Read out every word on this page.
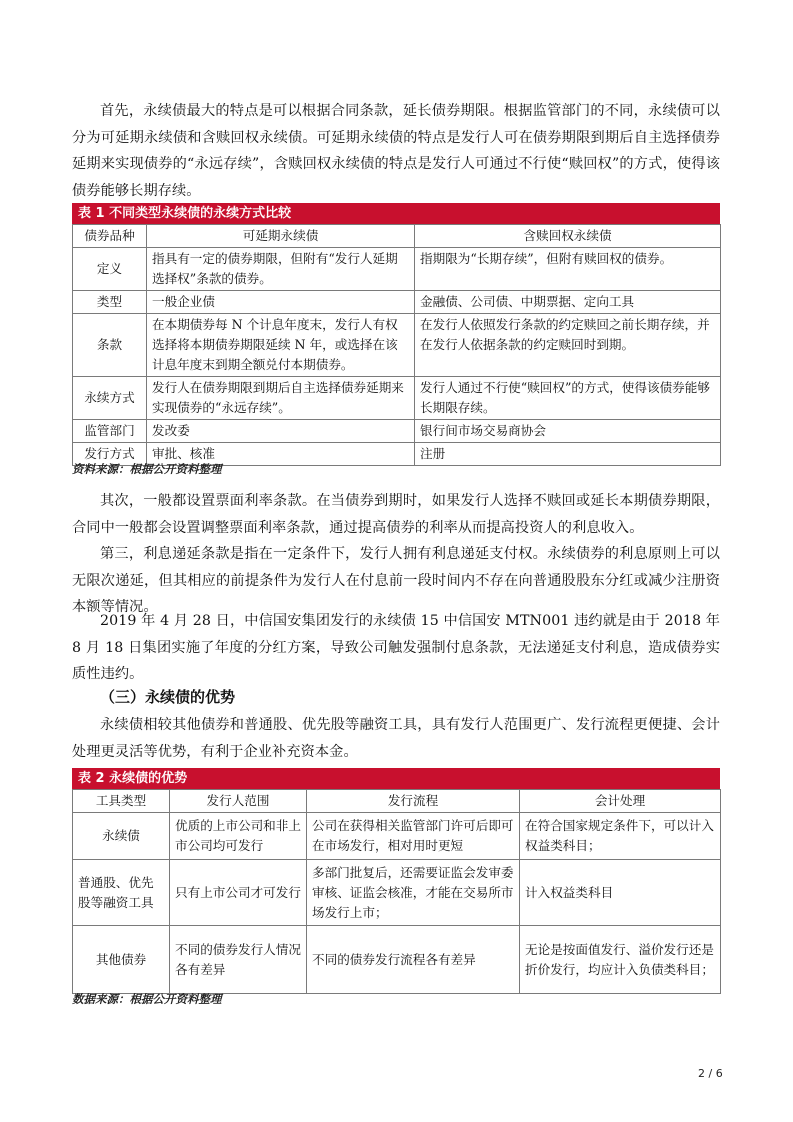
首先，永续债最大的特点是可以根据合同条款，延长债券期限。根据监管部门的不同，永续债可以分为可延期永续债和含赎回权永续债。可延期永续债的特点是发行人可在债券期限到期后自主选择债券延期来实现债券的“永远存续”，含赎回权永续债的特点是发行人可通过不行使“赎回权”的方式，使得该债券能够长期存续。

表 1 不同类型永续债的永续方式比较
债券品种	可延期永续债	含赎回权永续债
定义	指具有一定的债券期限，但附有“发行人延期选择权”条款的债券。	指期限为“长期存续”，但附有赎回权的债券。
类型	一般企业债	金融债、公司债、中期票据、定向工具
条款	在本期债券每 N 个计息年度末，发行人有权选择将本期债券期限延续 N 年，或选择在该计息年度末到期全额兑付本期债券。	在发行人依照发行条款的约定赎回之前长期存续，并在发行人依据条款的约定赎回时到期。
永续方式	发行人在债券期限到期后自主选择债券延期来实现债券的“永远存续”。	发行人通过不行使“赎回权”的方式，使得该债券能够长期限存续。
监管部门	发改委	银行间市场交易商协会
发行方式	审批、核准	注册
资料来源：根据公开资料整理

其次，一般都设置票面利率条款。在当债券到期时，如果发行人选择不赎回或延长本期债券期限，合同中一般都会设置调整票面利率条款，通过提高债券的利率从而提高投资人的利息收入。

第三，利息递延条款是指在一定条件下，发行人拥有利息递延支付权。永续债券的利息原则上可以无限次递延，但其相应的前提条件为发行人在付息前一段时间内不存在向普通股股东分红或减少注册资本额等情况。

2019 年 4 月 28 日，中信国安集团发行的永续债 15 中信国安 MTN001 违约就是由于 2018 年 8 月 18 日集团实施了年度的分红方案，导致公司触发强制付息条款，无法递延支付利息，造成债券实质性违约。

（三）永续债的优势

永续债相较其他债券和普通股、优先股等融资工具，具有发行人范围更广、发行流程更便捷、会计处理更灵活等优势，有利于企业补充资本金。

表 2 永续债的优势
工具类型	发行人范围	发行流程	会计处理
永续债	优质的上市公司和非上市公司均可发行	公司在获得相关监管部门许可后即可在市场发行，相对用时更短	在符合国家规定条件下，可以计入权益类科目；
普通股、优先股等融资工具	只有上市公司才可发行	多部门批复后，还需要证监会发审委审核、证监会核准，才能在交易所市场发行上市；	计入权益类科目
其他债券	不同的债券发行人情况各有差异	不同的债券发行流程各有差异	无论是按面值发行、溢价发行还是折价发行，均应计入负债类科目；
数据来源：根据公开资料整理
2 / 6
